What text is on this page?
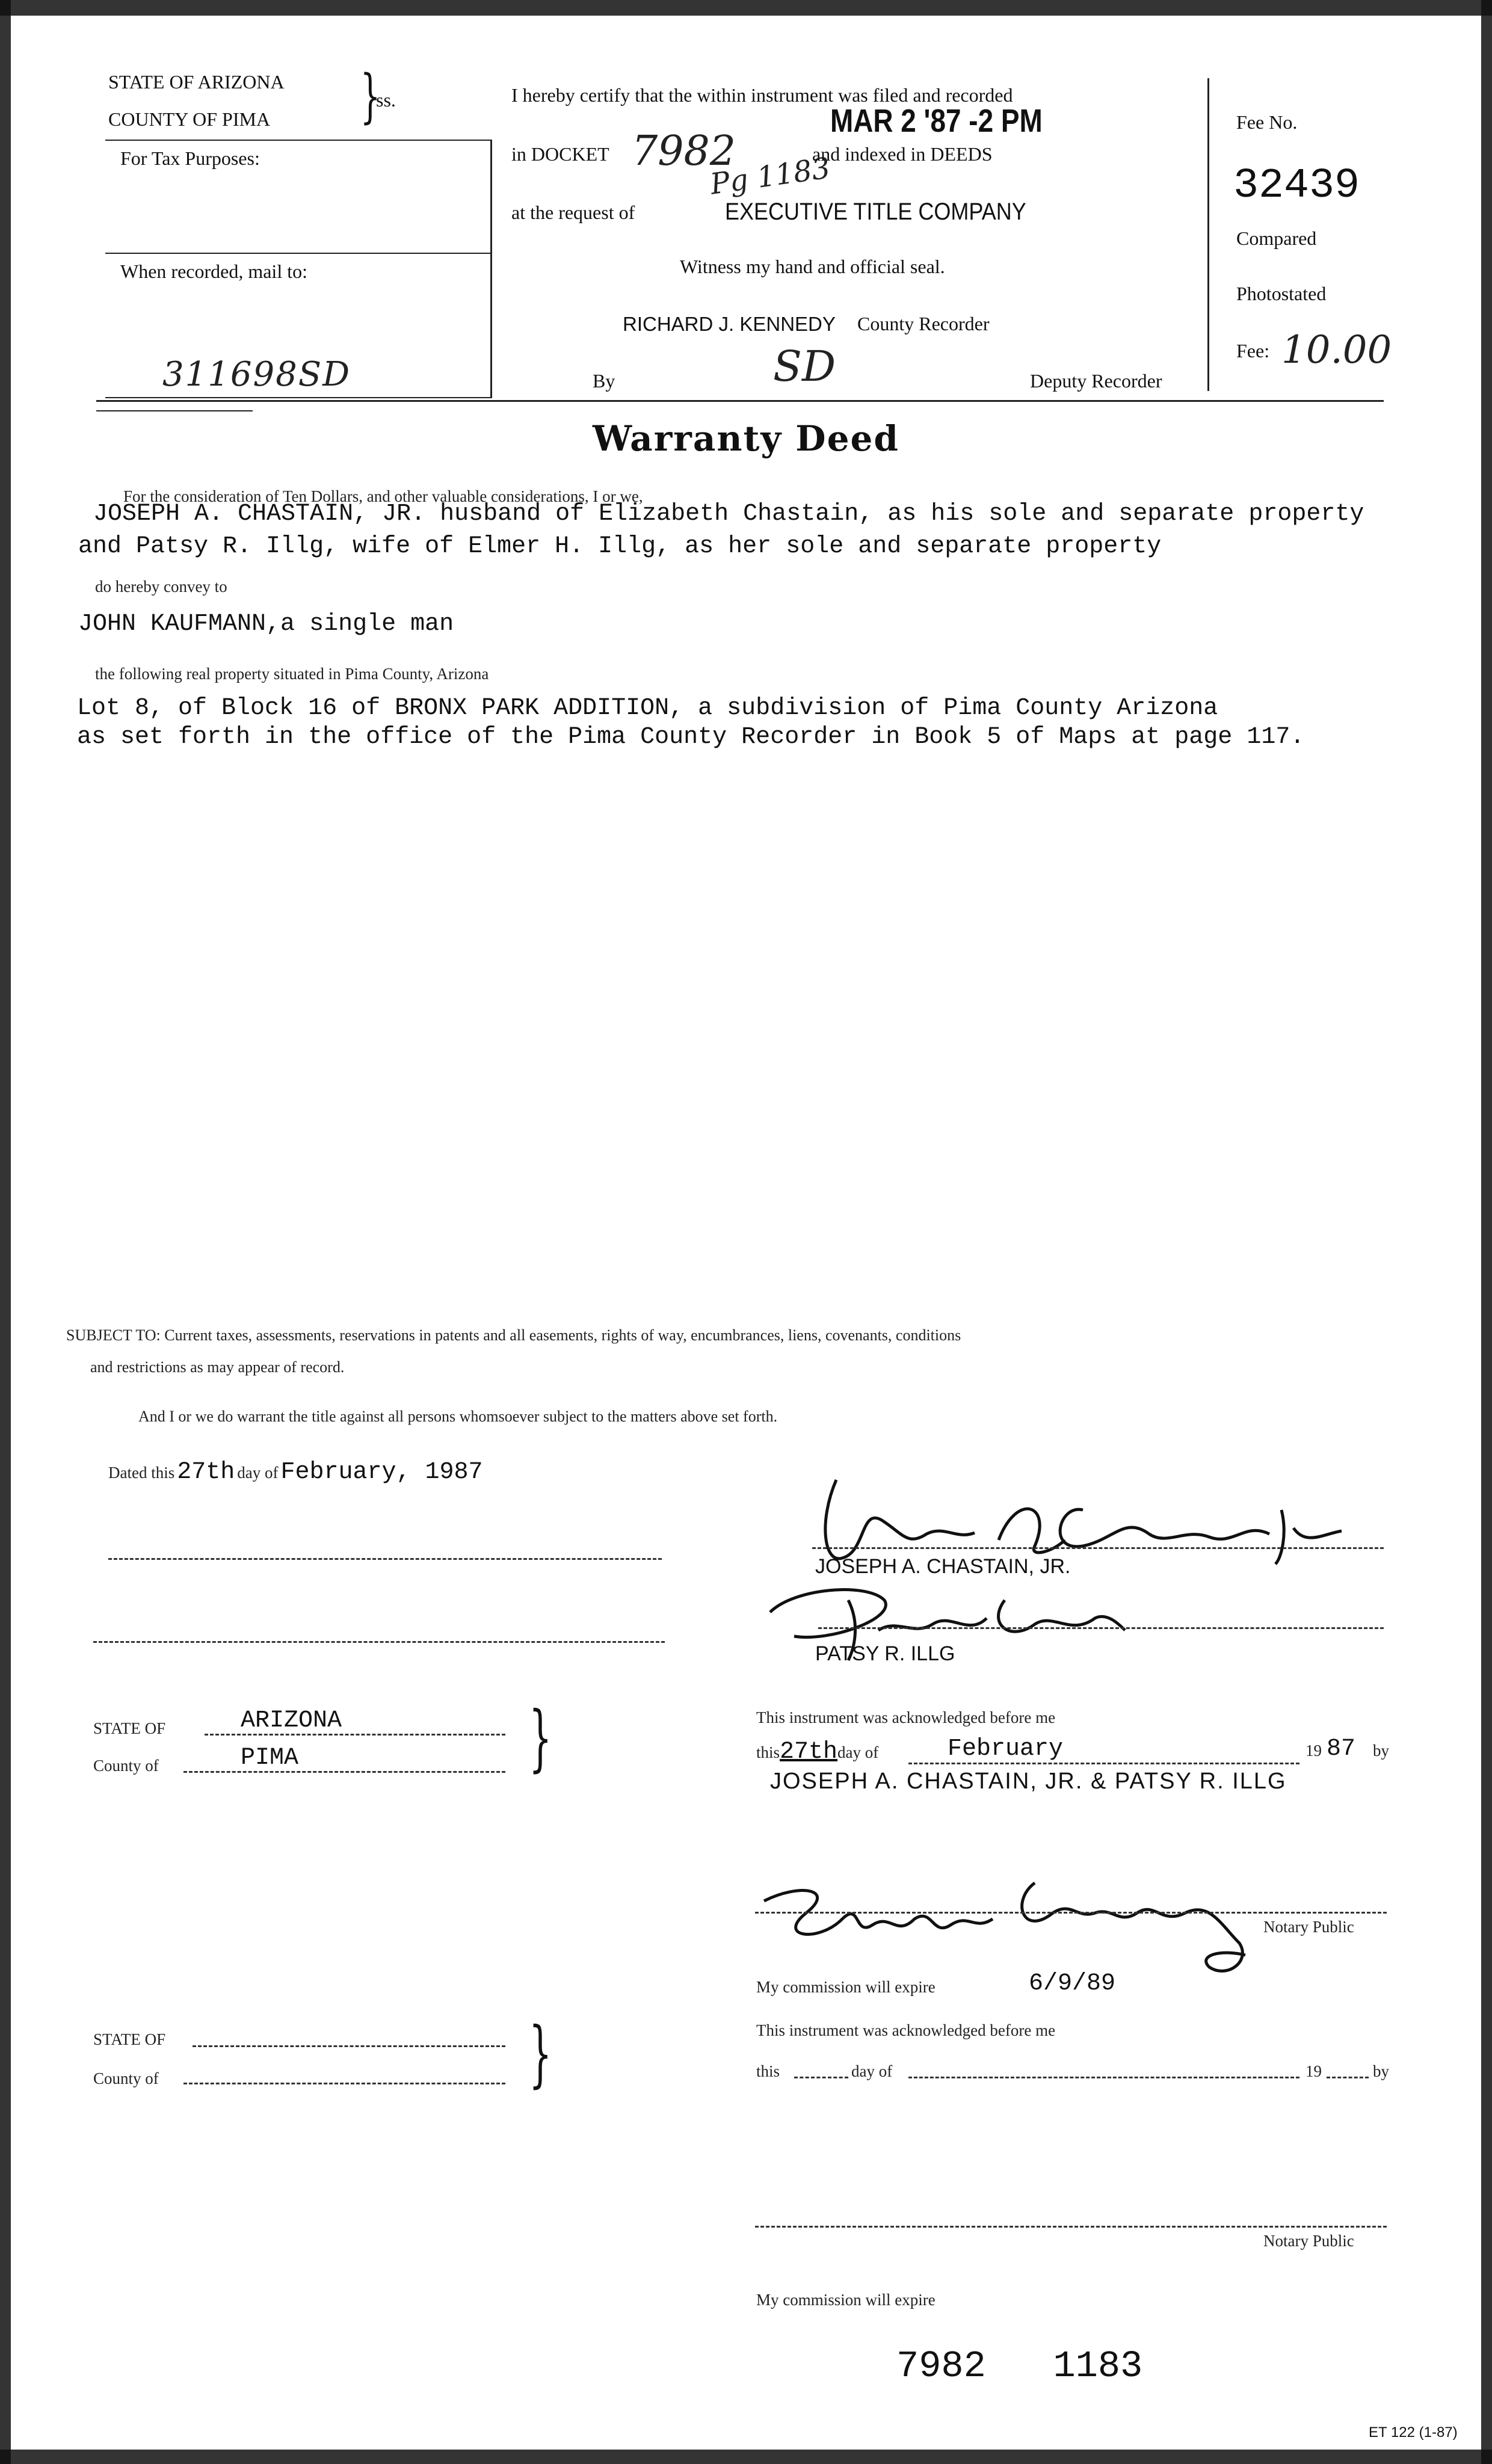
STATE OF ARIZONA
COUNTY OF PIMA }
ss.
For Tax Purposes:
When recorded, mail to:
311698SD
I hereby certify that the within instrument was filed and recorded
MAR 2 '87 -2 PM
in DOCKET 7982
Pg 1183
and indexed in DEEDS
at the request of	EXECUTIVE TITLE COMPANY
Witness my hand and official seal.
RICHARD J. KENNEDY County Recorder
By	SD	Deputy Recorder
Fee No.
32439
Compared
Photostated
Fee: 10.00
Warranty Deed
For the consideration of Ten Dollars, and other valuable considerations, I or we,
JOSEPH A. CHASTAIN, JR. husband of Elizabeth Chastain, as his sole and separate property
and Patsy R. Illg, wife of Elmer H. Illg, as her sole and separate property
do hereby convey to
JOHN KAUFMANN,a single man
the following real property situated in Pima County, Arizona
Lot 8, of Block 16 of BRONX PARK ADDITION, a subdivision of Pima County Arizona
as set forth in the office of the Pima County Recorder in Book 5 of Maps at page 117.
SUBJECT TO: Current taxes, assessments, reservations in patents and all easements, rights of way, encumbrances, liens, covenants, conditions
and restrictions as may appear of record.
And I or we do warrant the title against all persons whomsoever subject to the matters above set forth.
Dated this 27th day of February, 1987
Joseph A. Chastain Jr.
JOSEPH A. CHASTAIN, JR.
Patsy R. Illg
PATSY R. ILLG
STATE OF	ARIZONA
County of	PIMA	}	This instrument was acknowledged before me
this27thday of	February	19 87 by
JOSEPH A. CHASTAIN, JR. & PATSY R. ILLG
Suzanne Stephens
Notary Public
My commission will expire	6/9/89
STATE OF
County of	}	This instrument was acknowledged before me
this	day of	19	by
Notary Public
My commission will expire
7982   1183
ET 122 (1-87)
